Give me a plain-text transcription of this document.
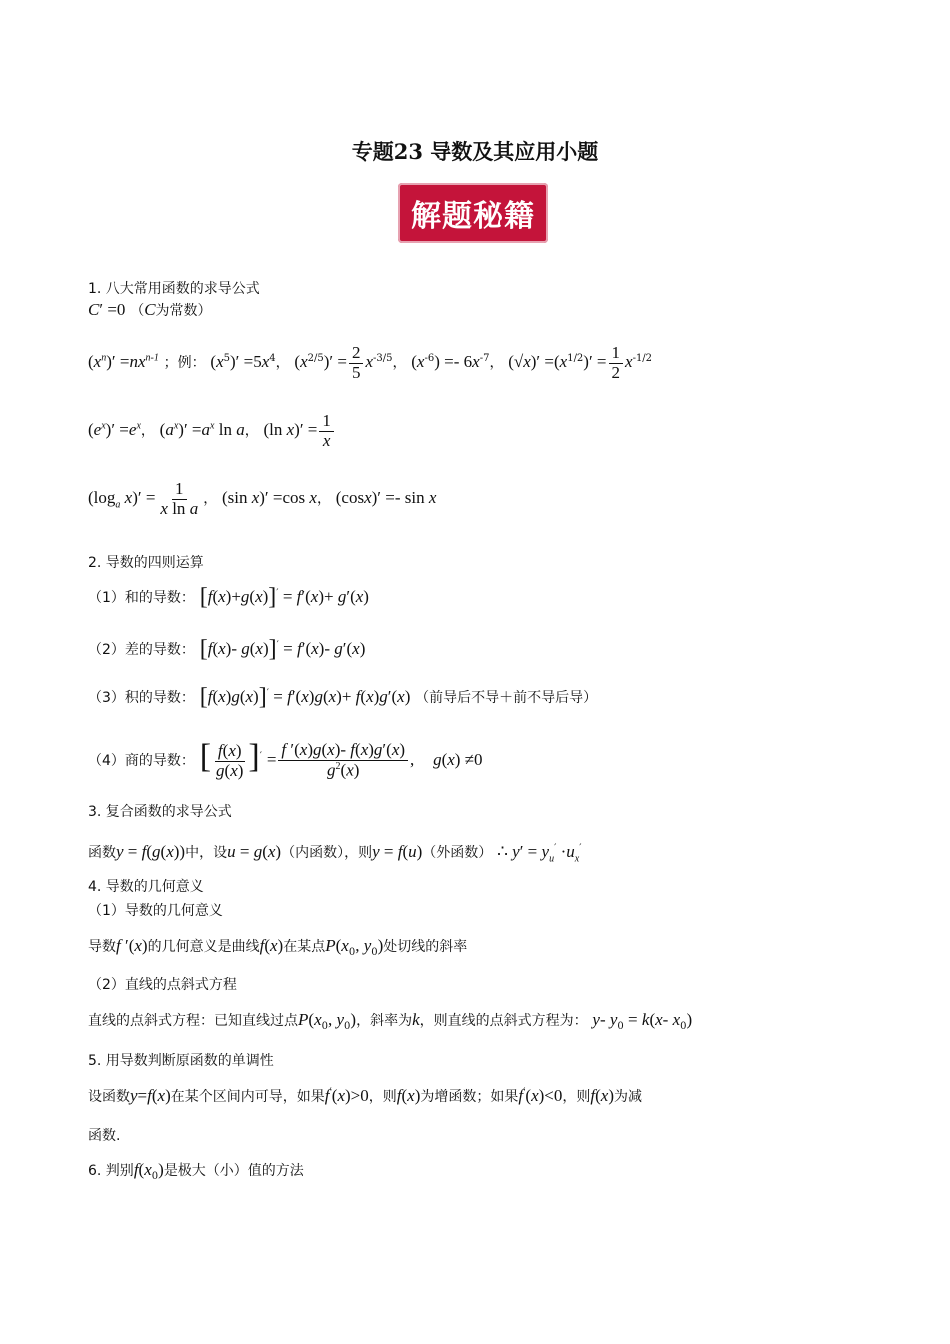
专题23 导数及其应用小题
解题秘籍
1. 八大常用函数的求导公式
C′ =0 （C为常数）
$(x^n)' =nx^{n-1}$ ；例： $(x^5)' =5x^4$， $(x^{2/5})' = \frac{2}{5} x^{-3/5}$， $(x^{-6}) =- 6x^{-7}$， $(√x)' =(x^{1/2})' = \frac{1}{2} x^{-1/2}$
$(e^x)' =e^x$， $(a^x)' =a^x$ ln a， (ln $x)' = \frac{1}{x}$
($\log_a$ $x)' = \frac{1}{\text{x ln a}}$ ， (sin x)′ =cos x， (cosx)′ =- sin x
2. 导数的四则运算
（1）和的导数： [f(x)+g(x)]′ = f′(x)+ g′(x)
（2）差的导数： [f(x)- g(x)]′ = f′(x)- g′(x)
（3）积的导数： [f(x)g(x)]′ = f′(x)g(x)+ f(x)g′(x) （前导后不导＋前不导后导）
（4）商的导数： [ $\frac{f(x)}{g(x)} ]' = \frac{f '(x)g(x)- f(x)g'(x)}{g^2(x)}$ , g(x) ≠0
3. 复合函数的求导公式
函数y = f(g(x))中，设u = g(x)（内函数），则y = f(u)（外函数） ∴ $y' = y_u' \cdot u_x'$
4. 导数的几何意义
（1）导数的几何意义
导数f ′(x)的几何意义是曲线f(x)在某点$P(x_0$, $y_0$)处切线的斜率
（2）直线的点斜式方程
直线的点斜式方程：已知直线过点$P(x_0$, $y_0$)，斜率为k，则直线的点斜式方程为： y- $y_0 = k(x-$ $x_0$)
5. 用导数判断原函数的单调性
设函数y=f(x)在某个区间内可导，如果f′(x)>0，则f(x)为增函数；如果f′(x)<0，则f(x)为减
函数.
6. 判别$f(x_0)$是极大（小）值的方法
